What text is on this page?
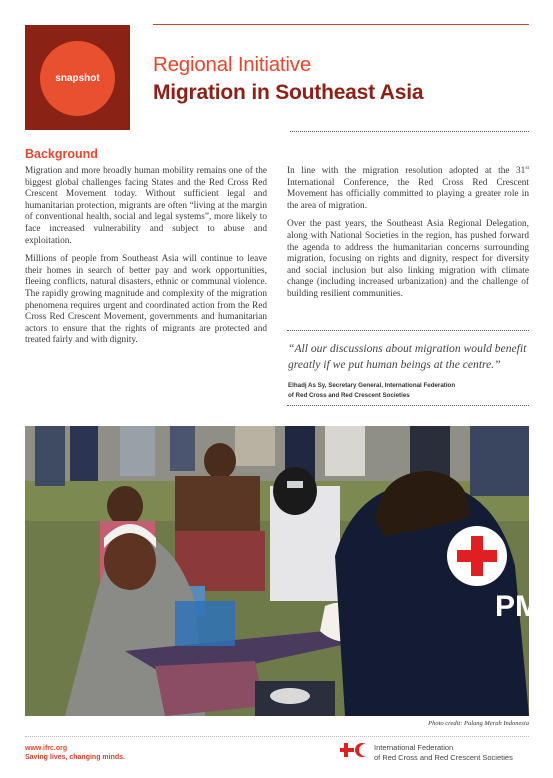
snapshot
Regional Initiative
Migration in Southeast Asia
Background

Migration and more broadly human mobility remains one of the biggest global challenges facing States and the Red Cross Red Crescent Movement today. Without sufficient legal and humanitarian protection, migrants are often “living at the margin of conventional health, social and legal systems”, more likely to face increased vulnerability and subject to abuse and exploitation.

Millions of people from Southeast Asia will continue to leave their homes in search of better pay and work opportunities, fleeing conflicts, natural disasters, ethnic or communal violence. The rapidly growing magnitude and complexity of the migration phenomena requires urgent and coordinated action from the Red Cross Red Crescent Movement, governments and humanitarian actors to ensure that the rights of migrants are protected and treated fairly and with dignity.

In line with the migration resolution adopted at the 31st International Conference, the Red Cross Red Crescent Movement has officially committed to playing a greater role in the area of migration.

Over the past years, the Southeast Asia Regional Delegation, along with National Societies in the region, has pushed forward the agenda to address the humanitarian concerns surrounding migration, focusing on rights and dignity, respect for diversity and social inclusion but also linking migration with climate change (including increased urbanization) and the challenge of building resilient communities.

“All our discussions about migration would benefit greatly if we put human beings at the centre.”
Elhadj As Sy, Secretary General, International Federation
of Red Cross and Red Crescent Societies
PMI
Photo credit: Palang Merah Indonesia
www.ifrc.org
Saving lives, changing minds.
International Federation
of Red Cross and Red Crescent Societies
